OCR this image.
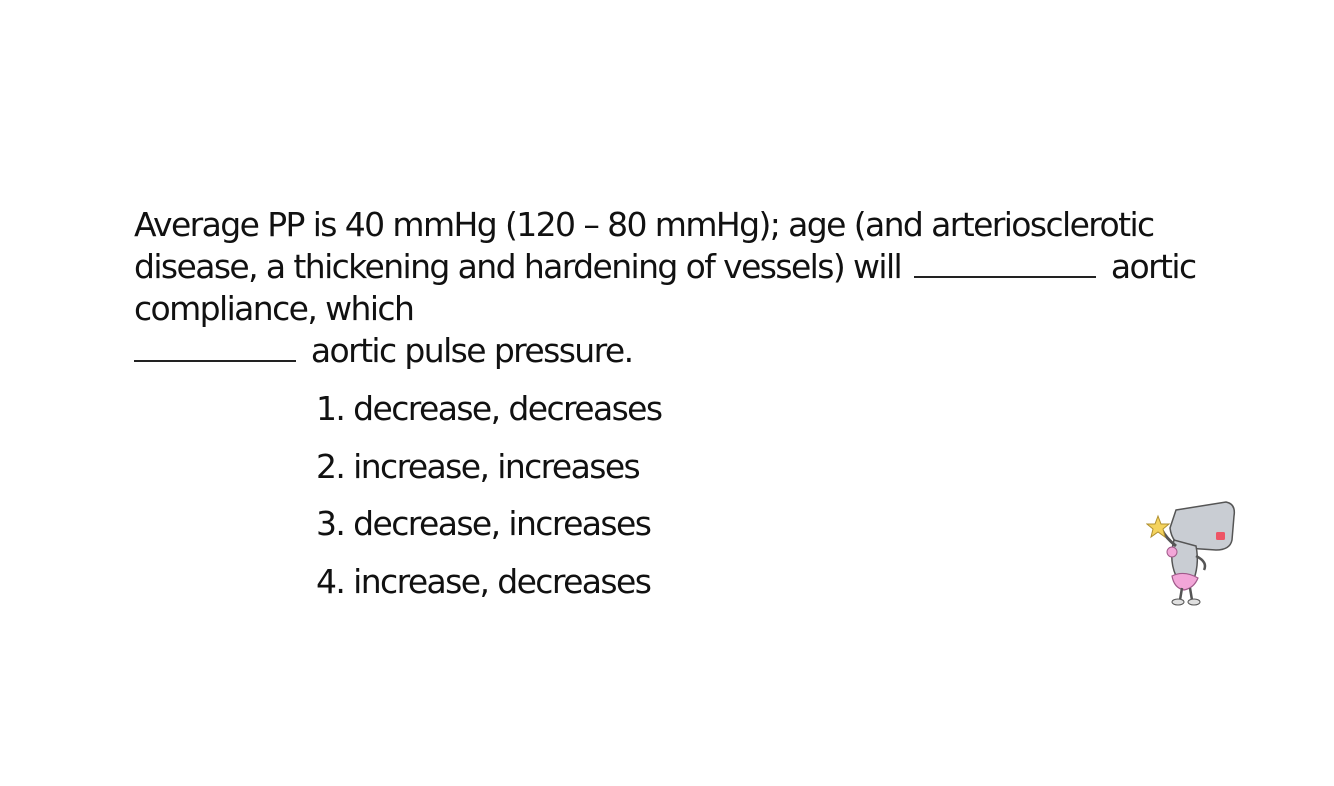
Average PP is 40 mmHg (120 – 80 mmHg); age (and arteriosclerotic disease, a thickening and hardening of vessels) will	aortic compliance, which
aortic pulse pressure.

1. decrease, decreases
2. increase, increases
3. decrease, increases
4. increase, decreases
